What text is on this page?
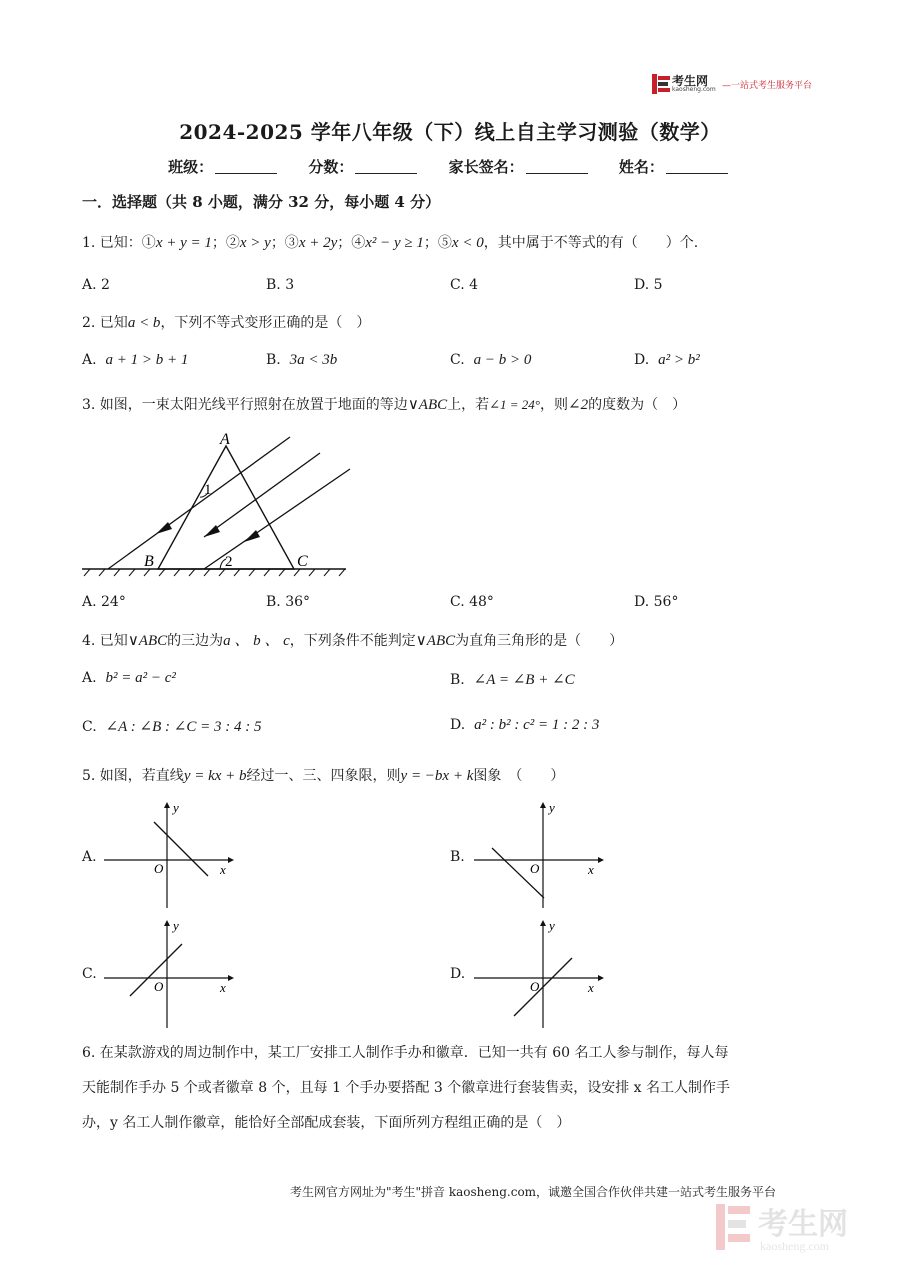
考生网
kaosheng.com —一站式考生服务平台
2024-2025 学年八年级（下）线上自主学习测验（数学）
班级：	分数：	家长签名：	姓名：
一．选择题（共 8 小题，满分 32 分，每小题 4 分）
1. 已知：①x + y = 1；②x > y；③x + 2y；④x² − y ≥ 1；⑤x < 0，其中属于不等式的有（　　）个.
A. 2	B. 3	C. 4	D. 5
2. 已知a < b，下列不等式变形正确的是（　）
A. a + 1 > b + 1	B. 3a < 3b	C. a − b > 0	D. a² > b²
3. 如图，一束太阳光线平行照射在放置于地面的等边∨ABC上，若∠1 = 24°，则∠2的度数为（　）
A
B	C
1
2
A. 24°	B. 36°	C. 48°	D. 56°
4. 已知∨ABC的三边为a 、 b 、 c，下列条件不能判定∨ABC为直角三角形的是（　　）
A. b² = a² − c²	B. ∠A = ∠B + ∠C
C. ∠A : ∠B : ∠C = 3 : 4 : 5	D. a² : b² : c² = 1 : 2 : 3
5. 如图，若直线y = kx + b经过一、三、四象限，则y = −bx + k图象　（　　）
A.
x
y
O
B.
x
y
O
C.
x
y
O
D.
x
y
O
6. 在某款游戏的周边制作中，某工厂安排工人制作手办和徽章．已知一共有 60 名工人参与制作，每人每
天能制作手办 5 个或者徽章 8 个，且每 1 个手办要搭配 3 个徽章进行套装售卖，设安排 x 名工人制作手
办，y 名工人制作徽章，能恰好全部配成套装，下面所列方程组正确的是（　）
考生网官方网址为"考生"拼音 kaosheng.com，诚邀全国合作伙伴共建一站式考生服务平台
考生网
kaosheng.com
